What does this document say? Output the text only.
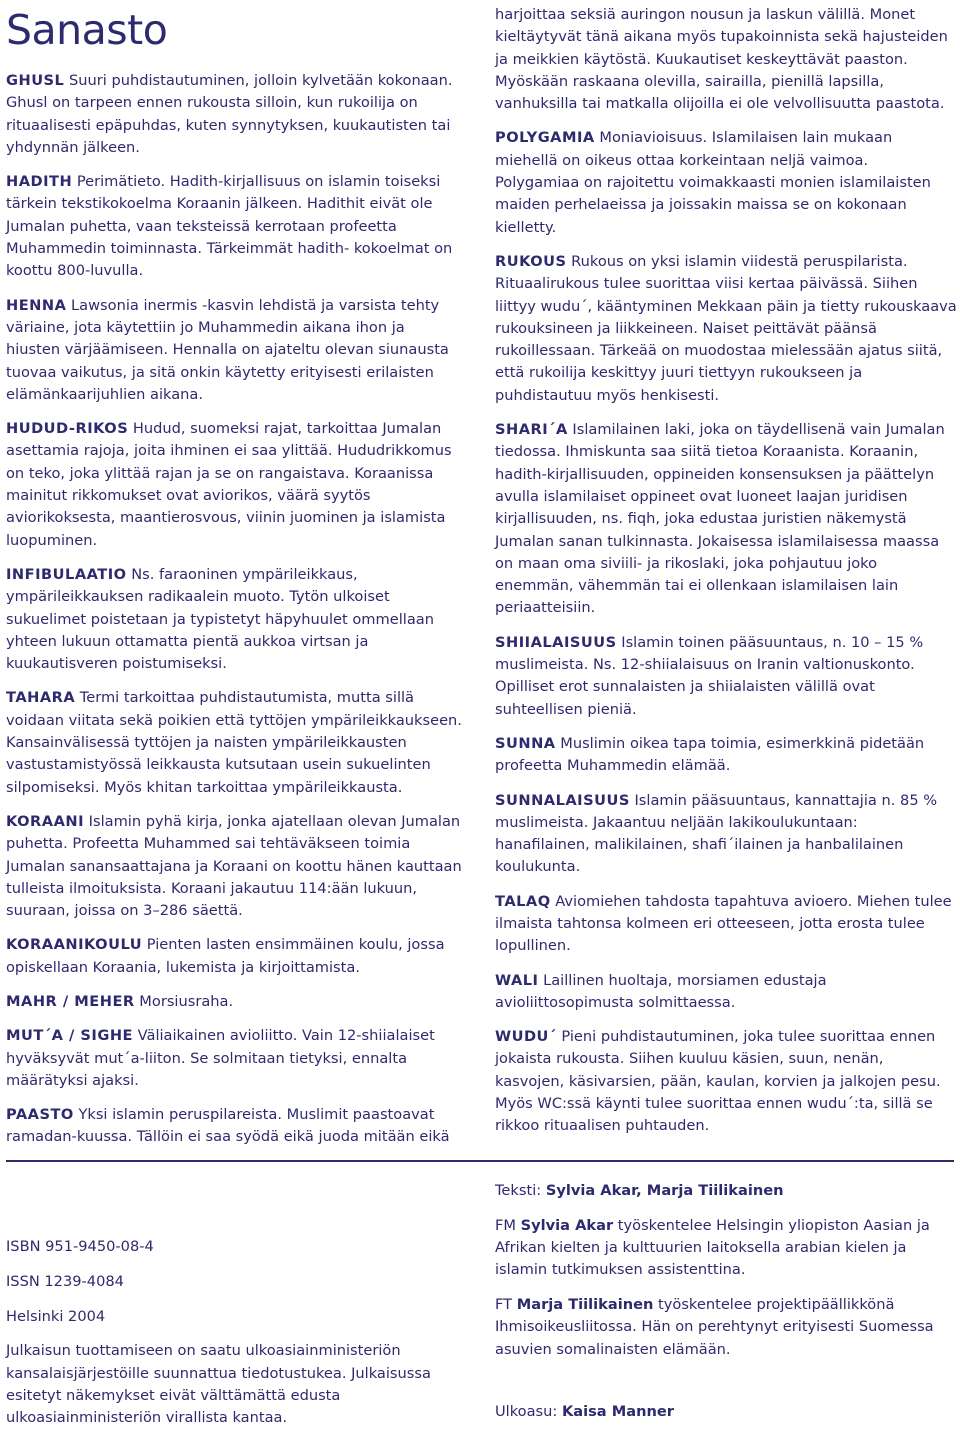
Sanasto

GHUSL Suuri puhdistautuminen, jolloin kylvetään kokonaan. Ghusl on tarpeen ennen rukousta silloin, kun rukoilija on rituaalisesti epäpuhdas, kuten synnytyksen, kuukautisten tai yhdynnän jälkeen.

HADITH Perimätieto. Hadith-kirjallisuus on islamin toiseksi tärkein tekstikokoelma Koraanin jälkeen. Hadithit eivät ole Jumalan puhetta, vaan teksteissä kerrotaan profeetta Muhammedin toiminnasta. Tärkeimmät hadith- kokoelmat on koottu 800-luvulla.

HENNA Lawsonia inermis -kasvin lehdistä ja varsista tehty väriaine, jota käytettiin jo Muhammedin aikana ihon ja hiusten värjäämiseen. Hennalla on ajateltu olevan siunausta tuovaa vaikutus, ja sitä onkin käytetty erityisesti erilaisten elämänkaarijuhlien aikana.

HUDUD-RIKOS Hudud, suomeksi rajat, tarkoittaa Jumalan asettamia rajoja, joita ihminen ei saa ylittää. Hududrikkomus on teko, joka ylittää rajan ja se on rangaistava. Koraanissa mainitut rikkomukset ovat aviorikos, väärä syytös aviorikoksesta, maantierosvous, viinin juominen ja islamista luopuminen.

INFIBULAATIO Ns. faraoninen ympärileikkaus, ympärileikkauksen radikaalein muoto. Tytön ulkoiset sukuelimet poistetaan ja typistetyt häpyhuulet ommellaan yhteen lukuun ottamatta pientä aukkoa virtsan ja kuukautisveren poistumiseksi.

TAHARA Termi tarkoittaa puhdistautumista, mutta sillä voidaan viitata sekä poikien että tyttöjen ympärileikkaukseen. Kansainvälisessä tyttöjen ja naisten ympärileikkausten vastustamistyössä leikkausta kutsutaan usein sukuelinten silpomiseksi. Myös khitan tarkoittaa ympärileikkausta.

KORAANI Islamin pyhä kirja, jonka ajatellaan olevan Jumalan puhetta. Profeetta Muhammed sai tehtäväkseen toimia Jumalan sanansaattajana ja Koraani on koottu hänen kauttaan tulleista ilmoituksista. Koraani jakautuu 114:ään lukuun, suuraan, joissa on 3–286 säettä.

KORAANIKOULU Pienten lasten ensimmäinen koulu, jossa opiskellaan Koraania, lukemista ja kirjoittamista.

MAHR / MEHER Morsiusraha.

MUT´A / SIGHE Väliaikainen avioliitto. Vain 12-shiialaiset hyväksyvät mut´a-liiton. Se solmitaan tietyksi, ennalta määrätyksi ajaksi.

PAASTO Yksi islamin peruspilareista. Muslimit paastoavat ramadan-kuussa. Tällöin ei saa syödä eikä juoda mitään eikä

harjoittaa seksiä auringon nousun ja laskun välillä. Monet kieltäytyvät tänä aikana myös tupakoinnista sekä hajusteiden ja meikkien käytöstä. Kuukautiset keskeyttävät paaston. Myöskään raskaana olevilla, sairailla, pienillä lapsilla, vanhuksilla tai matkalla olijoilla ei ole velvollisuutta paastota.

POLYGAMIA Moniavioisuus. Islamilaisen lain mukaan miehellä on oikeus ottaa korkeintaan neljä vaimoa. Polygamiaa on rajoitettu voimakkaasti monien islamilaisten maiden perhelaeissa ja joissakin maissa se on kokonaan kielletty.

RUKOUS Rukous on yksi islamin viidestä peruspilarista. Rituaalirukous tulee suorittaa viisi kertaa päivässä. Siihen liittyy wudu´, kääntyminen Mekkaan päin ja tietty rukouskaava rukouksineen ja liikkeineen. Naiset peittävät päänsä rukoillessaan. Tärkeää on muodostaa mielessään ajatus siitä, että rukoilija keskittyy juuri tiettyyn rukoukseen ja puhdistautuu myös henkisesti.

SHARI´A Islamilainen laki, joka on täydellisenä vain Jumalan tiedossa. Ihmiskunta saa siitä tietoa Koraanista. Koraanin, hadith-kirjallisuuden, oppineiden konsensuksen ja päättelyn avulla islamilaiset oppineet ovat luoneet laajan juridisen kirjallisuuden, ns. fiqh, joka edustaa juristien näkemystä Jumalan sanan tulkinnasta. Jokaisessa islamilaisessa maassa on maan oma siviili- ja rikoslaki, joka pohjautuu joko enemmän, vähemmän tai ei ollenkaan islamilaisen lain periaatteisiin.

SHIIALAISUUS Islamin toinen pääsuuntaus, n. 10 – 15 % muslimeista. Ns. 12-shiialaisuus on Iranin valtionuskonto. Opilliset erot sunnalaisten ja shiialaisten välillä ovat suhteellisen pieniä.

SUNNA Muslimin oikea tapa toimia, esimerkkinä pidetään profeetta Muhammedin elämää.

SUNNALAISUUS Islamin pääsuuntaus, kannattajia n. 85 % muslimeista. Jakaantuu neljään lakikoulukuntaan: hanafilainen, malikilainen, shafi´ilainen ja hanbalilainen koulukunta.

TALAQ Aviomiehen tahdosta tapahtuva avioero. Miehen tulee ilmaista tahtonsa kolmeen eri otteeseen, jotta erosta tulee lopullinen.

WALI Laillinen huoltaja, morsiamen edustaja avioliittosopimusta solmittaessa.

WUDU´ Pieni puhdistautuminen, joka tulee suorittaa ennen jokaista rukousta. Siihen kuuluu käsien, suun, nenän, kasvojen, käsivarsien, pään, kaulan, korvien ja jalkojen pesu. Myös WC:ssä käynti tulee suorittaa ennen wudu´:ta, sillä se rikkoo rituaalisen puhtauden.

ISBN 951-9450-08-4

ISSN 1239-4084

Helsinki 2004

Julkaisun tuottamiseen on saatu ulkoasiainministeriön kansalaisjärjestöille suunnattua tiedotustukea. Julkaisussa esitetyt näkemykset eivät välttämättä edusta ulkoasiainministeriön virallista kantaa.

Teksti: Sylvia Akar, Marja Tiilikainen

FM Sylvia Akar työskentelee Helsingin yliopiston Aasian ja Afrikan kielten ja kulttuurien laitoksella arabian kielen ja islamin tutkimuksen assistenttina.

FT Marja Tiilikainen työskentelee projektipäällikkönä Ihmisoikeusliitossa. Hän on perehtynyt erityisesti Suomessa asuvien somalinaisten elämään.

Ulkoasu: Kaisa Manner
